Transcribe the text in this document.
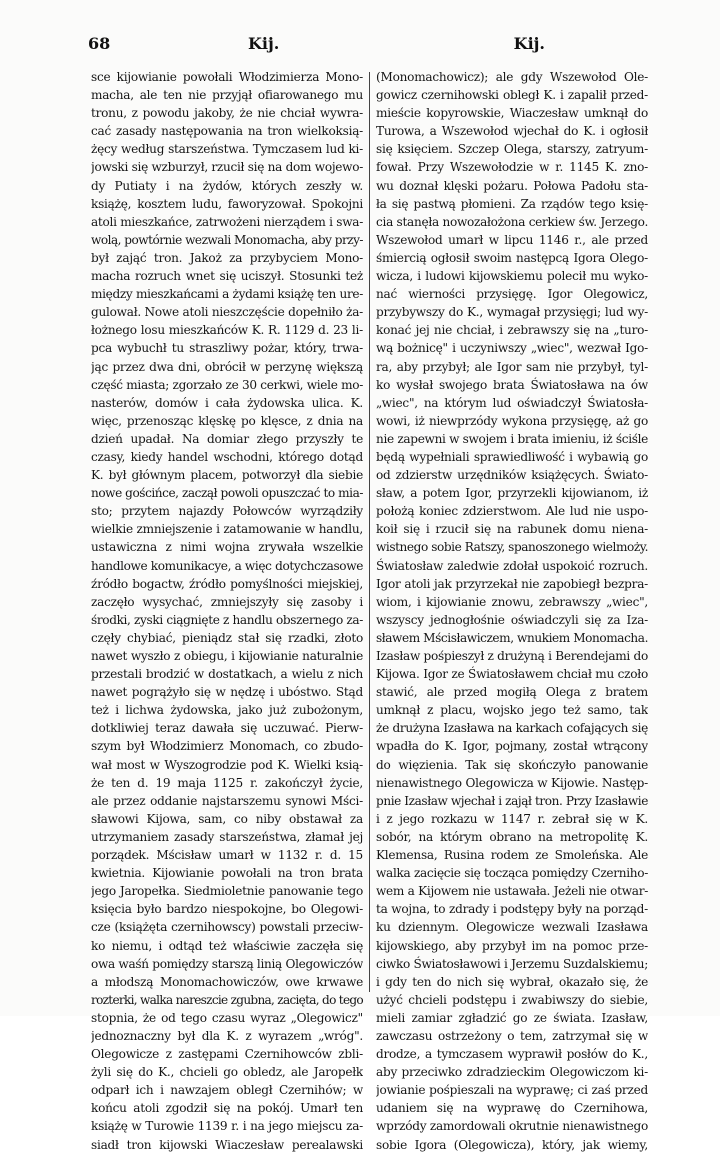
68	Kij.	Kij.
sce kijowianie powołali Włodzimierza Mono-
macha, ale ten nie przyjął ofiarowanego mu
tronu, z powodu jakoby, że nie chciał wywra-
cać zasady następowania na tron wielkoksią-
żęcy według starszeństwa. Tymczasem lud ki-
jowski się wzburzył, rzucił się na dom wojewo-
dy Putiaty i na żydów, których zeszły w.
książę, kosztem ludu, faworyzował. Spokojni
atoli mieszkańce, zatrwożeni nierządem i swa-
wolą, powtórnie wezwali Monomacha, aby przy-
był zająć tron. Jakoż za przybyciem Mono-
macha rozruch wnet się uciszył. Stosunki też
między mieszkańcami a żydami książę ten ure-
gulował. Nowe atoli nieszczęście dopełniło ża-
łożnego losu mieszkańców K. R. 1129 d. 23 li-
pca wybuchł tu straszliwy pożar, który, trwa-
jąc przez dwa dni, obrócił w perzynę większą
część miasta; zgorzało ze 30 cerkwi, wiele mo-
nasterów, domów i cała żydowska ulica. K.
więc, przenosząc klęskę po klęsce, z dnia na
dzień upadał. Na domiar złego przyszły te
czasy, kiedy handel wschodni, którego dotąd
K. był głównym placem, potworzył dla siebie
nowe gościńce, zaczął powoli opuszczać to mia-
sto; przytem najazdy Połowców wyrządziły
wielkie zmniejszenie i zatamowanie w handlu,
ustawiczna z nimi wojna zrywała wszelkie
handlowe komunikacye, a więc dotychczasowe
źródło bogactw, źródło pomyślności miejskiej,
zaczęło wysychać, zmniejszyły się zasoby i
środki, zyski ciągnięte z handlu obszernego za-
częły chybiać, pieniądz stał się rzadki, złoto
nawet wyszło z obiegu, i kijowianie naturalnie
przestali brodzić w dostatkach, a wielu z nich
nawet pogrążyło się w nędzę i ubóstwo. Stąd
też i lichwa żydowska, jako już zubożonym,
dotkliwiej teraz dawała się uczuwać. Pierw-
szym był Włodzimierz Monomach, co zbudo-
wał most w Wyszogrodzie pod K. Wielki ksią-
że ten d. 19 maja 1125 r. zakończył życie,
ale przez oddanie najstarszemu synowi Mści-
sławowi Kijowa, sam, co niby obstawał za
utrzymaniem zasady starszeństwa, złamał jej
porządek. Mścisław umarł w 1132 r. d. 15
kwietnia. Kijowianie powołali na tron brata
jego Jaropełka. Siedmioletnie panowanie tego
księcia było bardzo niespokojne, bo Olegowi-
cze (książęta czernihowscy) powstali przeciw-
ko niemu, i odtąd też właściwie zaczęła się
owa waśń pomiędzy starszą linią Olegowiczów
a młodszą Monomachowiczów, owe krwawe
rozterki, walka nareszcie zgubna, zacięta, do tego
stopnia, że od tego czasu wyraz „Olegowicz"
jednoznaczny był dla K. z wyrazem „wróg".
Olegowicze z zastępami Czernihowców zbli-
żyli się do K., chcieli go obledz, ale Jaropełk
odparł ich i nawzajem obległ Czernihów; w
końcu atoli zgodził się na pokój. Umarł ten
książę w Turowie 1139 r. i na jego miejscu za-
siadł tron kijowski Wiaczesław perealawski
(Monomachowicz); ale gdy Wszewołod Ole-
gowicz czernihowski obległ K. i zapalił przed-
mieście kopyrowskie, Wiaczesław umknął do
Turowa, a Wszewołod wjechał do K. i ogłosił
się księciem. Szczep Olega, starszy, zatryum-
fował. Przy Wszewołodzie w r. 1145 K. zno-
wu doznał klęski pożaru. Połowa Padołu sta-
ła się pastwą płomieni. Za rządów tego księ-
cia stanęła nowozałożona cerkiew św. Jerzego.
Wszewołod umarł w lipcu 1146 r., ale przed
śmiercią ogłosił swoim następcą Igora Olego-
wicza, i ludowi kijowskiemu polecił mu wyko-
nać wierności przysięgę. Igor Olegowicz,
przybywszy do K., wymagał przysięgi; lud wy-
konać jej nie chciał, i zebrawszy się na „turo-
wą bożnicę" i uczyniwszy „wiec", wezwał Igo-
ra, aby przybył; ale Igor sam nie przybył, tyl-
ko wysłał swojego brata Światosława na ów
„wiec", na którym lud oświadczył Światosła-
wowi, iż niewprzódy wykona przysięgę, aż go
nie zapewni w swojem i brata imieniu, iż ściśle
będą wypełniali sprawiedliwość i wybawią go
od zdzierstw urzędników książęcych. Świato-
sław, a potem Igor, przyrzekli kijowianom, iż
położą koniec zdzierstwom. Ale lud nie uspo-
koił się i rzucił się na rabunek domu niena-
wistnego sobie Ratszy, spanoszonego wielmoży.
Światosław zaledwie zdołał uspokoić rozruch.
Igor atoli jak przyrzekał nie zapobiegł bezpra-
wiom, i kijowianie znowu, zebrawszy „wiec",
wszyscy jednogłośnie oświadczyli się za Iza-
sławem Mścisławiczem, wnukiem Monomacha.
Izasław pośpieszył z drużyną i Berendejami do
Kijowa. Igor ze Światosławem chciał mu czoło
stawić, ale przed mogiłą Olega z bratem
umknął z placu, wojsko jego też samo, tak
że drużyna Izasława na karkach cofających się
wpadła do K. Igor, pojmany, został wtrącony
do więzienia. Tak się skończyło panowanie
nienawistnego Olegowicza w Kijowie. Następ-
pnie Izasław wjechał i zajął tron. Przy Izasławie
i z jego rozkazu w 1147 r. zebrał się w K.
sobór, na którym obrano na metropolitę K.
Klemensa, Rusina rodem ze Smoleńska. Ale
walka zacięcie się tocząca pomiędzy Czerniho-
wem a Kijowem nie ustawała. Jeżeli nie otwar-
ta wojna, to zdrady i podstępy były na porząd-
ku dziennym. Olegowicze wezwali Izasława
kijowskiego, aby przybył im na pomoc prze-
ciwko Światosławowi i Jerzemu Suzdalskiemu;
i gdy ten do nich się wybrał, okazało się, że
użyć chcieli podstępu i zwabiwszy do siebie,
mieli zamiar zgładzić go ze świata. Izasław,
zawczasu ostrzeżony o tem, zatrzymał się w
drodze, a tymczasem wyprawił posłów do K.,
aby przeciwko zdradzieckim Olegowiczom ki-
jowianie pośpieszali na wyprawę; ci zaś przed
udaniem się na wyprawę do Czernihowa,
wprzódy zamordowali okrutnie nienawistnego
sobie Igora (Olegowicza), który, jak wiemy,
